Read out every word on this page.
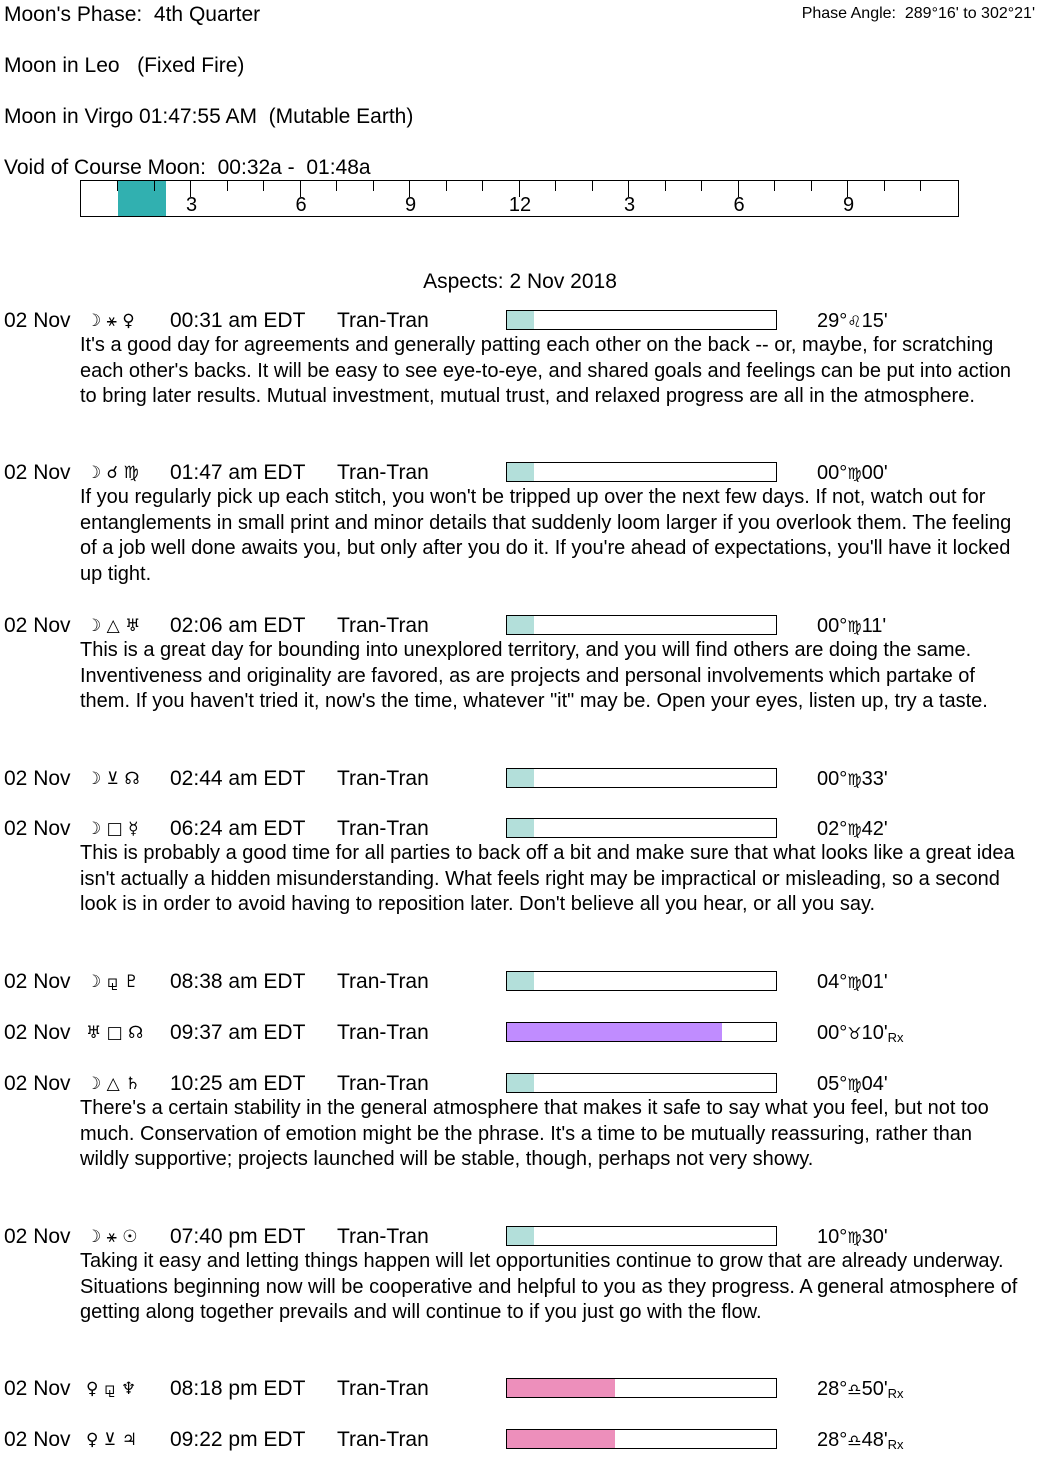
Moon's Phase:  4th Quarter	Phase Angle:  289°16' to 302°21'
Moon in Leo   (Fixed Fire)
Moon in Virgo 01:47:55 AM  (Mutable Earth)
Void of Course Moon:  00:32a -  01:48a
3	6	9	12	3	6	9
Aspects: 2 Nov 2018
02 Nov ☽ ⚹ ♀ 00:31 am EDT Tran-Tran	29°♌15'

It's a good day for agreements and generally patting each other on the back -- or, maybe, for scratching each other's backs. It will be easy to see eye-to-eye, and shared goals and feelings can be put into action to bring later results. Mutual investment, mutual trust, and relaxed progress are all in the atmosphere.

02 Nov ☽ ☌ ♍ 01:47 am EDT Tran-Tran	00°♍00'

If you regularly pick up each stitch, you won't be tripped up over the next few days. If not, watch out for entanglements in small print and minor details that suddenly loom larger if you overlook them. The feeling of a job well done awaits you, but only after you do it. If you're ahead of expectations, you'll have it locked up tight.

02 Nov ☽ △ ♅ 02:06 am EDT Tran-Tran	00°♍11'

This is a great day for bounding into unexplored territory, and you will find others are doing the same. Inventiveness and originality are favored, as are projects and personal involvements which partake of them. If you haven't tried it, now's the time, whatever "it" may be. Open your eyes, listen up, try a taste.

02 Nov ☽ ⊻ ☊ 02:44 am EDT Tran-Tran	00°♍33'
02 Nov ☽ □ ☿ 06:24 am EDT Tran-Tran	02°♍42'

This is probably a good time for all parties to back off a bit and make sure that what looks like a great idea isn't actually a hidden misunderstanding. What feels right may be impractical or misleading, so a second look is in order to avoid having to reposition later. Don't believe all you hear, or all you say.

02 Nov ☽ ⚼ ♇ 08:38 am EDT Tran-Tran	04°♍01'
02 Nov ♅ □ ☊ 09:37 am EDT Tran-Tran	00°♉10'Rx
02 Nov ☽ △ ♄ 10:25 am EDT Tran-Tran	05°♍04'

There's a certain stability in the general atmosphere that makes it safe to say what you feel, but not too much. Conservation of emotion might be the phrase. It's a time to be mutually reassuring, rather than wildly supportive; projects launched will be stable, though, perhaps not very showy.

02 Nov ☽ ⚹ ☉ 07:40 pm EDT Tran-Tran	10°♍30'

Taking it easy and letting things happen will let opportunities continue to grow that are already underway. Situations beginning now will be cooperative and helpful to you as they progress. A general atmosphere of getting along together prevails and will continue to if you just go with the flow.

02 Nov ♀ ⚼ ♆ 08:18 pm EDT Tran-Tran	28°♎50'Rx
02 Nov ♀ ⊻ ♃ 09:22 pm EDT Tran-Tran	28°♎48'Rx
